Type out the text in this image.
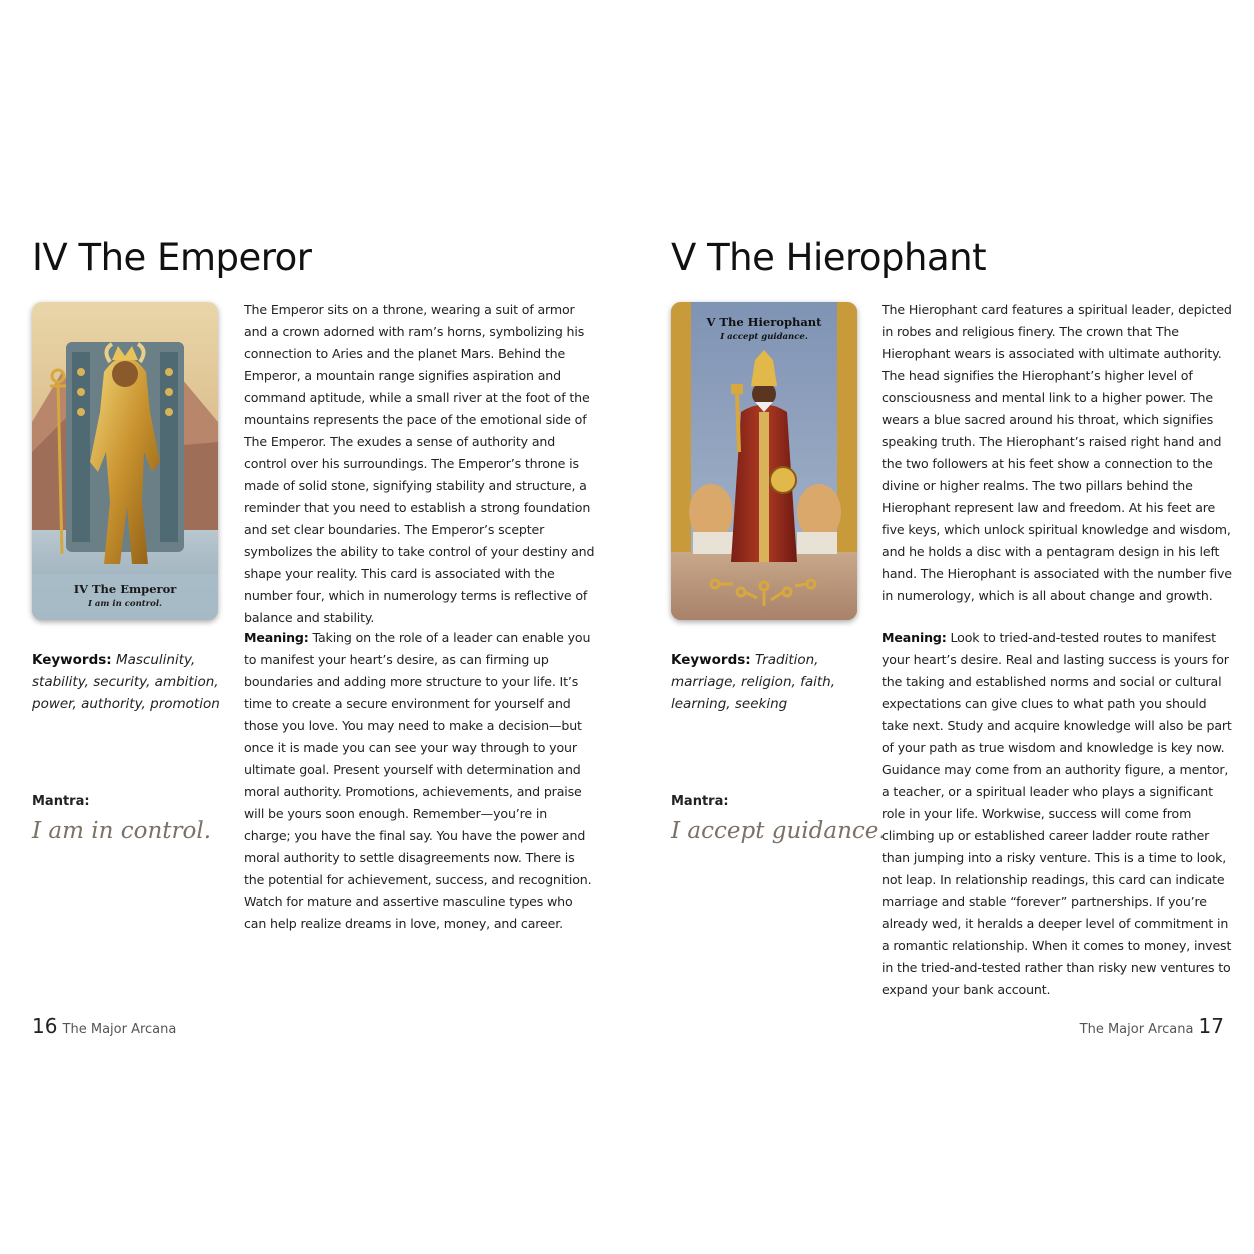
IV The Emperor
IV The Emperor
I am in control.

The Emperor sits on a throne, wearing a suit of armor and a crown adorned with ram’s horns, symbolizing his connection to Aries and the planet Mars. Behind the Emperor, a mountain range signifies aspiration and command aptitude, while a small river at the foot of the mountains represents the pace of the emotional side of The Emperor. The exudes a sense of authority and control over his surroundings. The Emperor’s throne is made of solid stone, signifying stability and structure, a reminder that you need to establish a strong foundation and set clear boundaries. The Emperor’s scepter symbolizes the ability to take control of your destiny and shape your reality. This card is associated with the number four, which in numerology terms is reflective of balance and stability.

Meaning: Taking on the role of a leader can enable you to manifest your heart’s desire, as can firming up boundaries and adding more structure to your life. It’s time to create a secure environment for yourself and those you love. You may need to make a decision—but once it is made you can see your way through to your ultimate goal. Present yourself with determination and moral authority. Promotions, achievements, and praise will be yours soon enough. Remember—you’re in charge; you have the final say. You have the power and moral authority to settle disagreements now. There is the potential for achievement, success, and recognition. Watch for mature and assertive masculine types who can help realize dreams in love, money, and career.

Keywords: Masculinity, stability, security, ambition, power, authority, promotion

Mantra:
I am in control.
16 The Major Arcana
V The Hierophant
V The Hierophant
I accept guidance.

The Hierophant card features a spiritual leader, depicted in robes and religious finery. The crown that The Hierophant wears is associated with ultimate authority. The head signifies the Hierophant’s higher level of consciousness and mental link to a higher power. The wears a blue sacred around his throat, which signifies speaking truth. The Hierophant’s raised right hand and the two followers at his feet show a connection to the divine or higher realms. The two pillars behind the Hierophant represent law and freedom. At his feet are five keys, which unlock spiritual knowledge and wisdom, and he holds a disc with a pentagram design in his left hand. The Hierophant is associated with the number five in numerology, which is all about change and growth.

Meaning: Look to tried-and-tested routes to manifest your heart’s desire. Real and lasting success is yours for the taking and established norms and social or cultural expectations can give clues to what path you should take next. Study and acquire knowledge will also be part of your path as true wisdom and knowledge is key now. Guidance may come from an authority figure, a mentor, a teacher, or a spiritual leader who plays a significant role in your life. Workwise, success will come from climbing up or established career ladder route rather than jumping into a risky venture. This is a time to look, not leap. In relationship readings, this card can indicate marriage and stable “forever” partnerships. If you’re already wed, it heralds a deeper level of commitment in a romantic relationship. When it comes to money, invest in the tried-and-tested rather than risky new ventures to expand your bank account.

Keywords: Tradition, marriage, religion, faith, learning, seeking

Mantra:
I accept guidance.
The Major Arcana 17
